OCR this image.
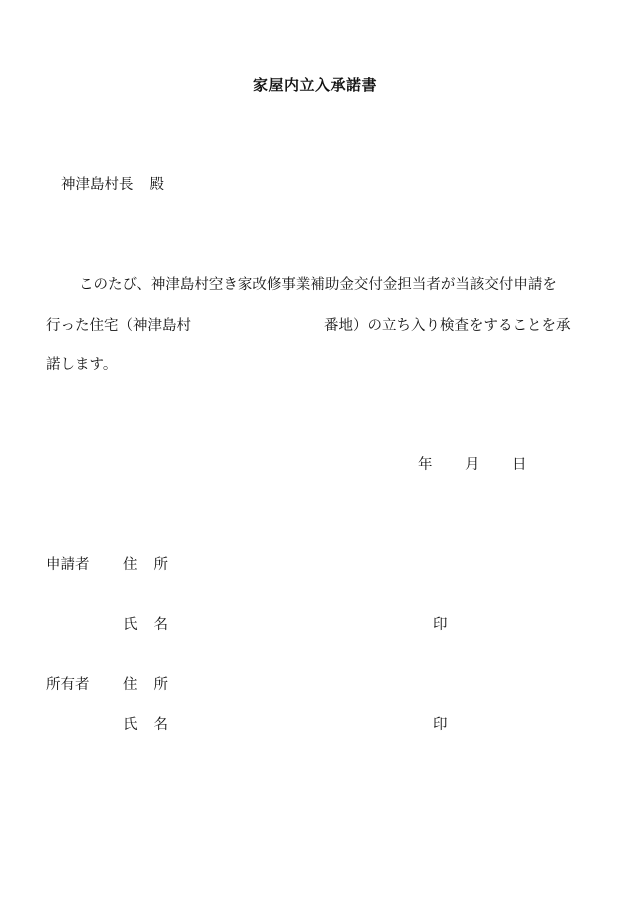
家屋内立入承諾書
神津島村長 殿
このたび、神津島村空き家改修事業補助金交付金担当者が当該交付申請を
行った住宅（神津島村	番地）の立ち入り検査をすることを承
諾します。
年 月 日
申請者 住 所
氏 名	印
所有者 住 所
氏 名	印
